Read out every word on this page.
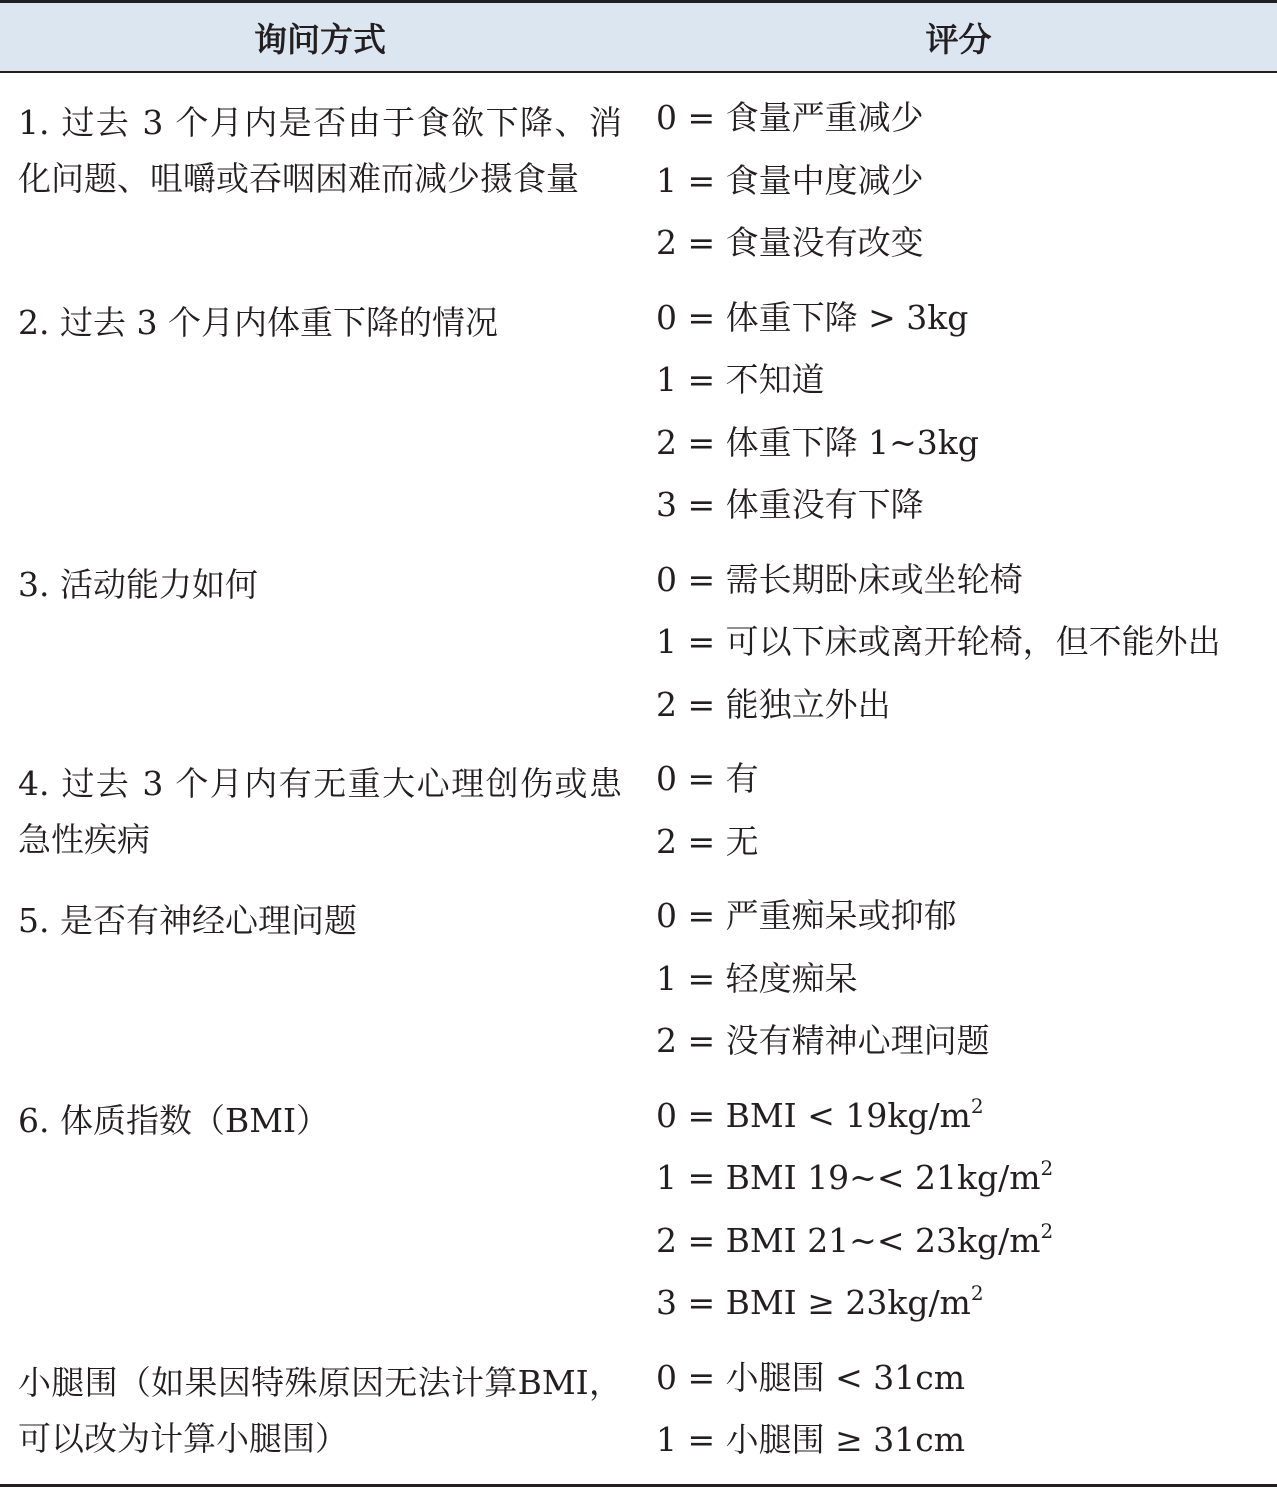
询问方式	评分
1. 过去 3 个月内是否由于食欲下降、消化问题、咀嚼或吞咽困难而减少摄食量	0 = 食量严重减少
1 = 食量中度减少
2 = 食量没有改变

2. 过去 3 个月内体重下降的情况	0 = 体重下降 > 3kg
1 = 不知道
2 = 体重下降 1~3kg
3 = 体重没有下降

3. 活动能力如何	0 = 需长期卧床或坐轮椅
1 = 可以下床或离开轮椅，但不能外出
2 = 能独立外出

4. 过去 3 个月内有无重大心理创伤或患急性疾病	0 = 有
2 = 无

5. 是否有神经心理问题	0 = 严重痴呆或抑郁
1 = 轻度痴呆
2 = 没有精神心理问题

6. 体质指数（BMI）	0 = BMI < $19kg/m^2$
1 = BMI 19~< $21kg/m^2$
2 = BMI 21~< $23kg/m^2$
3 = BMI ≥ $23kg/m^2$

小腿围（如果因特殊原因无法计算BMI，可以改为计算小腿围）	0 = 小腿围 < 31cm
1 = 小腿围 ≥ 31cm
